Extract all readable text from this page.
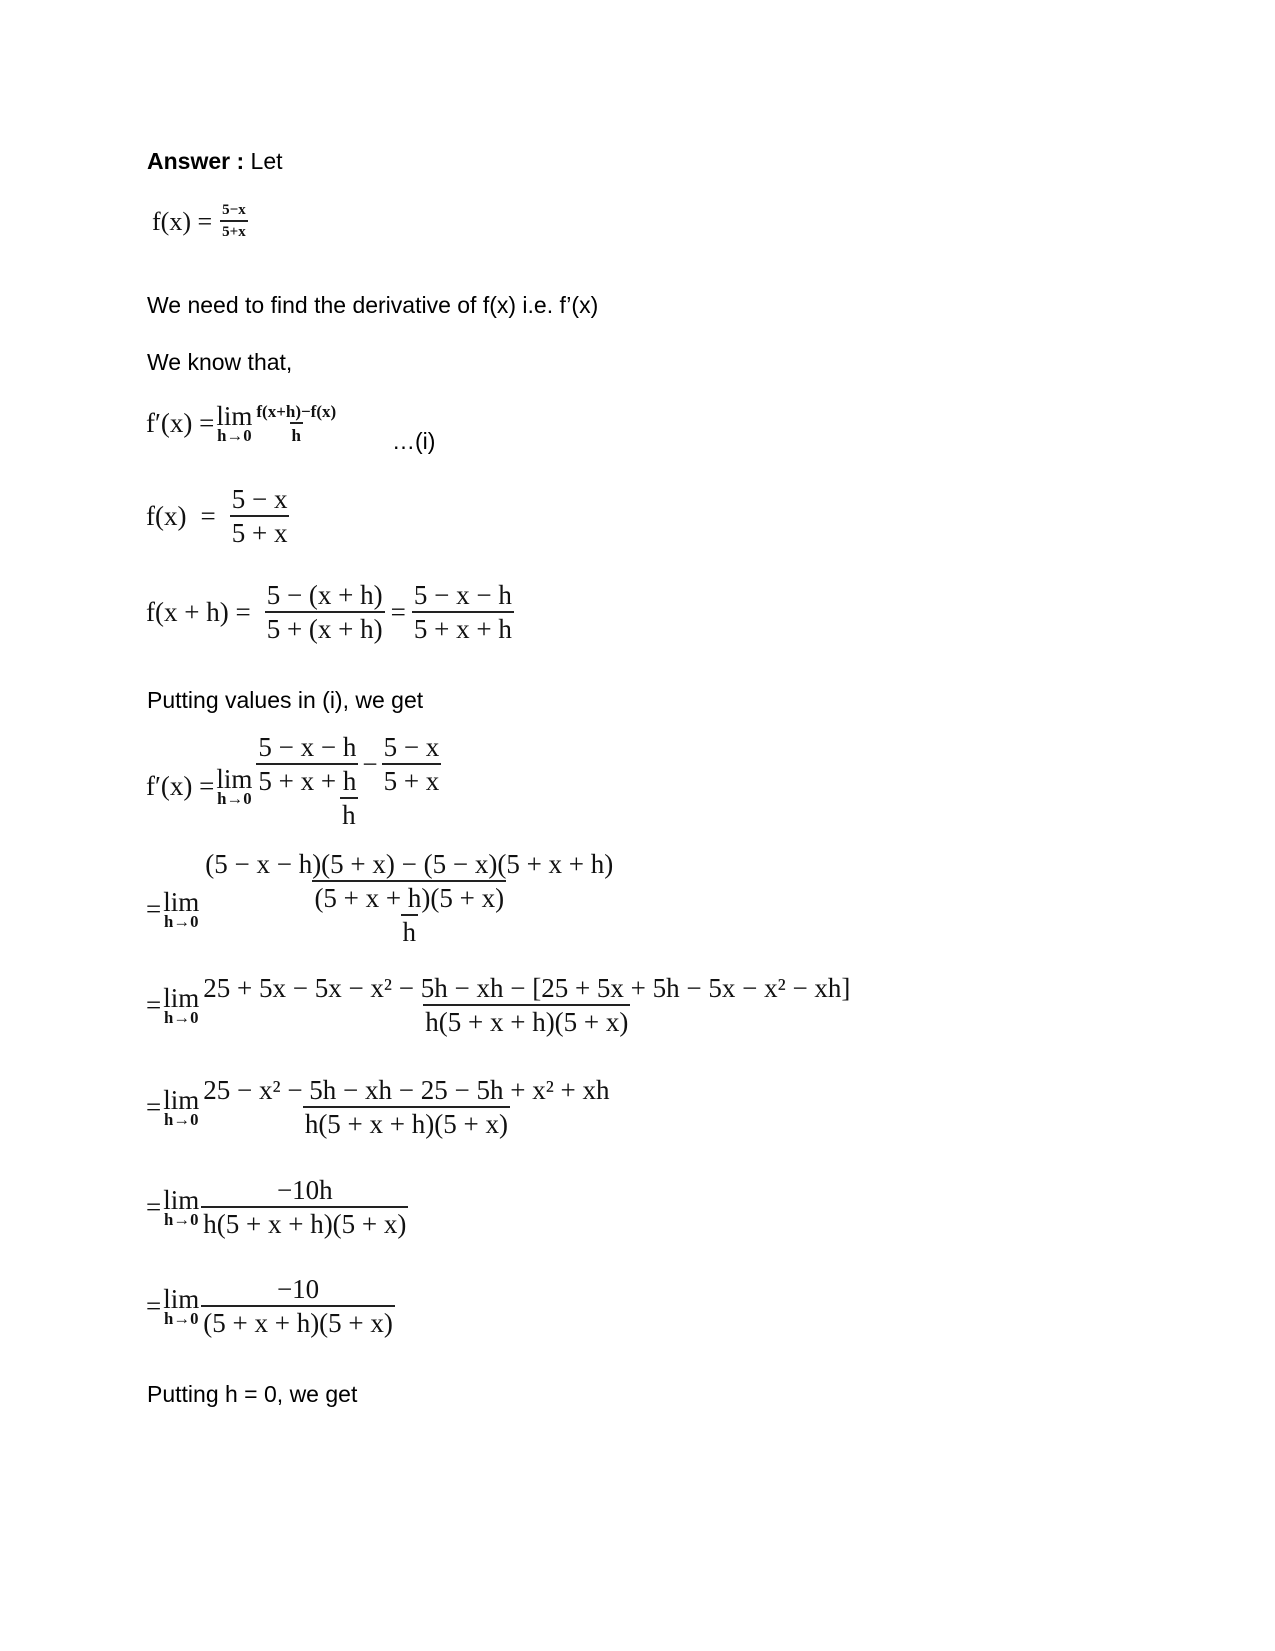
Answer : Let
$f(x) = \frac{5-x}{5+x}$
We need to find the derivative of f(x) i.e. f’(x)
We know that,
f′(x) = lim
$h\to 0 \frac{f(x+h)-f(x)}{h}$ …(i)
$f(x) = \frac{5 - x}{5 + x}$
$f(x + h) = \frac{5 - (x + h)}{5 + (x + h)} = \frac{5 - x - h}{5 + x + h}$
Putting values in (i), we get
f′(x) = lim
h→0
$\frac{5 - x - h}{5 + x + h} - \frac{5 - x}{5 + x}$
h
= lim
h→0
$\frac{(5 - x - h)(5 + x) - (5 - x)(5 + x + h)}{(5 + x + h)(5 + x)}$
h
= lim
$h\to 0 \frac{\text{25 + 5x − 5x − x² − 5h − xh − [25 + 5x + 5h − 5x − x² − xh]}}{h(5 + x + h)(5 + x)}$
= lim
$h\to 0 \frac{\text{25 − x² − 5h − xh − 25 − 5h + x² + xh}}{h(5 + x + h)(5 + x)}$
= lim
$h\to 0 \frac{-10h}{h(5 + x + h)(5 + x)}$
= lim
$h\to 0 \frac{-10}{(5 + x + h)(5 + x)}$
Putting h = 0, we get
